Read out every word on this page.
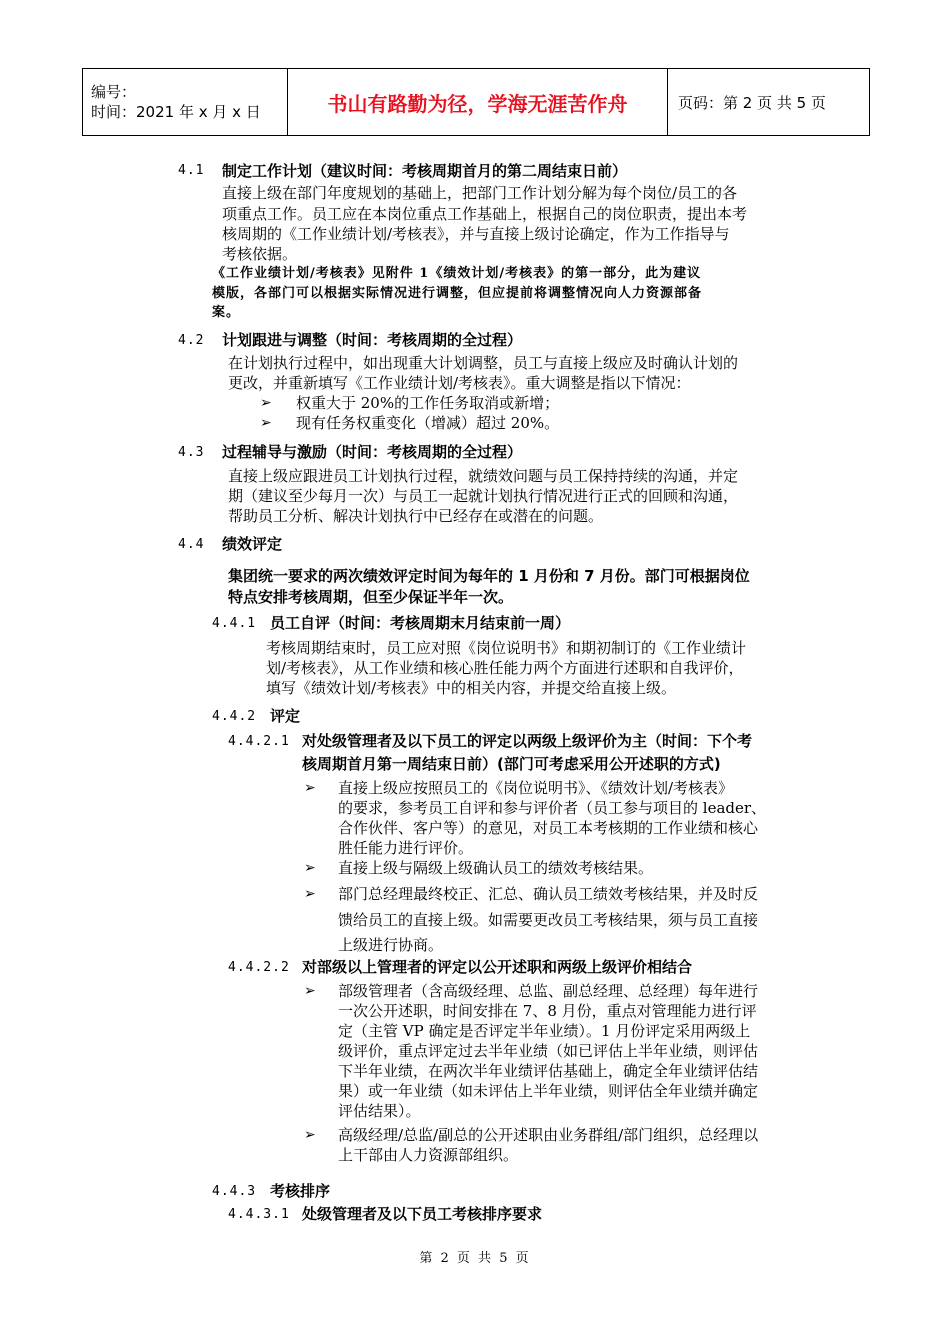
编号：
时间：2021 年 x 月 x 日	书山有路勤为径，学海无涯苦作舟	页码：第 2 页 共 5 页
4.1 制定工作计划（建议时间：考核周期首月的第二周结束日前）
直接上级在部门年度规划的基础上，把部门工作计划分解为每个岗位/员工的各
项重点工作。员工应在本岗位重点工作基础上，根据自己的岗位职责，提出本考
核周期的《工作业绩计划/考核表》，并与直接上级讨论确定，作为工作指导与
考核依据。
《工作业绩计划/考核表》见附件 1《绩效计划/考核表》的第一部分，此为建议
模版，各部门可以根据实际情况进行调整，但应提前将调整情况向人力资源部备
案。
4.2 计划跟进与调整（时间：考核周期的全过程）
在计划执行过程中，如出现重大计划调整，员工与直接上级应及时确认计划的
更改，并重新填写《工作业绩计划/考核表》。重大调整是指以下情况：
➢ 权重大于 20%的工作任务取消或新增；
➢ 现有任务权重变化（增减）超过 20%。
4.3 过程辅导与激励（时间：考核周期的全过程）
直接上级应跟进员工计划执行过程，就绩效问题与员工保持持续的沟通，并定
期（建议至少每月一次）与员工一起就计划执行情况进行正式的回顾和沟通，
帮助员工分析、解决计划执行中已经存在或潜在的问题。
4.4 绩效评定
集团统一要求的两次绩效评定时间为每年的 1 月份和 7 月份。部门可根据岗位
特点安排考核周期，但至少保证半年一次。
4.4.1 员工自评（时间：考核周期末月结束前一周）
考核周期结束时，员工应对照《岗位说明书》和期初制订的《工作业绩计
划/考核表》，从工作业绩和核心胜任能力两个方面进行述职和自我评价，
填写《绩效计划/考核表》中的相关内容，并提交给直接上级。
4.4.2 评定
4.4.2.1 对处级管理者及以下员工的评定以两级上级评价为主（时间：下个考
核周期首月第一周结束日前）(部门可考虑采用公开述职的方式)
➢ 直接上级应按照员工的《岗位说明书》、《绩效计划/考核表》
的要求，参考员工自评和参与评价者（员工参与项目的 leader、
合作伙伴、客户等）的意见，对员工本考核期的工作业绩和核心
胜任能力进行评价。
➢ 直接上级与隔级上级确认员工的绩效考核结果。
➢ 部门总经理最终校正、汇总、确认员工绩效考核结果，并及时反
馈给员工的直接上级。如需要更改员工考核结果，须与员工直接
上级进行协商。
4.4.2.2 对部级以上管理者的评定以公开述职和两级上级评价相结合
➢ 部级管理者（含高级经理、总监、副总经理、总经理）每年进行
一次公开述职，时间安排在 7、8 月份，重点对管理能力进行评
定（主管 VP 确定是否评定半年业绩）。1 月份评定采用两级上
级评价，重点评定过去半年业绩（如已评估上半年业绩，则评估
下半年业绩，在两次半年业绩评估基础上，确定全年业绩评估结
果）或一年业绩（如未评估上半年业绩，则评估全年业绩并确定
评估结果）。
➢ 高级经理/总监/副总的公开述职由业务群组/部门组织，总经理以
上干部由人力资源部组织。
4.4.3 考核排序
4.4.3.1 处级管理者及以下员工考核排序要求
第 2 页 共 5 页
